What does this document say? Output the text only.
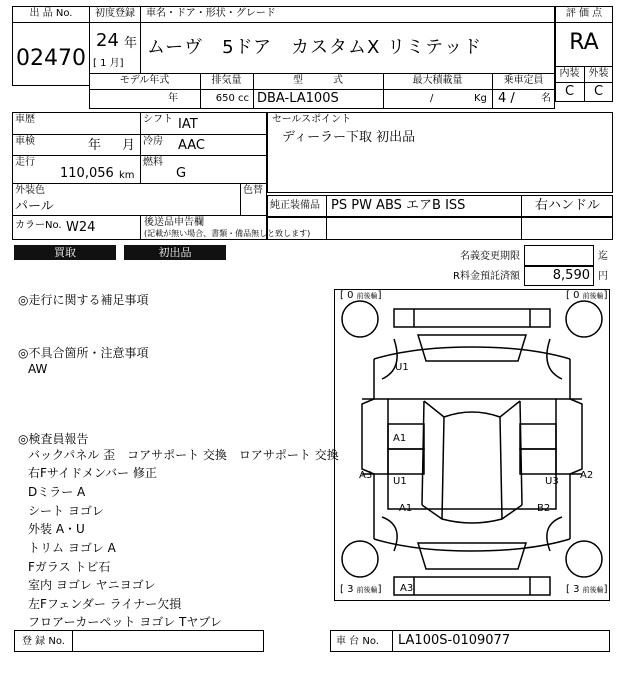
出 品 No.
02470
初度登録
24 年
[ 1 月]
車名・ドア・形状・グレード
ムーヴ　5ドア　カスタムX リミテッド
評 価 点
RA
内装 外装
C	C
モデル年式	排気量	型　　　式	最大積載量	乗車定員
年	650 cc DBA-LA100S	/	Kg 4 /	名
車歴	シフト IAT
車検	年 月 冷房 AAC
走行
110,056 km
燃料
G
外装色
パール
色替
カラーNo. W24	後送品申告欄
(記載が無い場合、書類・備品無しと致します)
セールスポイント
ディーラー下取 初出品
純正装備品 PS PW ABS エアB ISS	右ハンドル
買取	初出品	名義変更期限	迄
R料金預託済額	8,590 円
◎走行に関する補足事項
◎不具合箇所・注意事項
AW
◎検査員報告
バックパネル 歪　コアサポート 交換　ロアサポート 交換
右Fサイドメンバー 修正
Dミラー A
シート ヨゴレ
外装 A・U
トリム ヨゴレ A
Fガラス トビ石
室内 ヨゴレ ヤニヨゴレ
左Fフェンダー ライナー欠損
フロアーカーペット ヨゴレ Tヤブレ
[ 0 前後輪]	[ 0 前後輪]
[ 3 前後輪]	[ 3 前後輪]
U1
A1
A3
U1
A1
U3
A2
B2
A3
登 録 No.	車 台 No. LA100S-0109077
